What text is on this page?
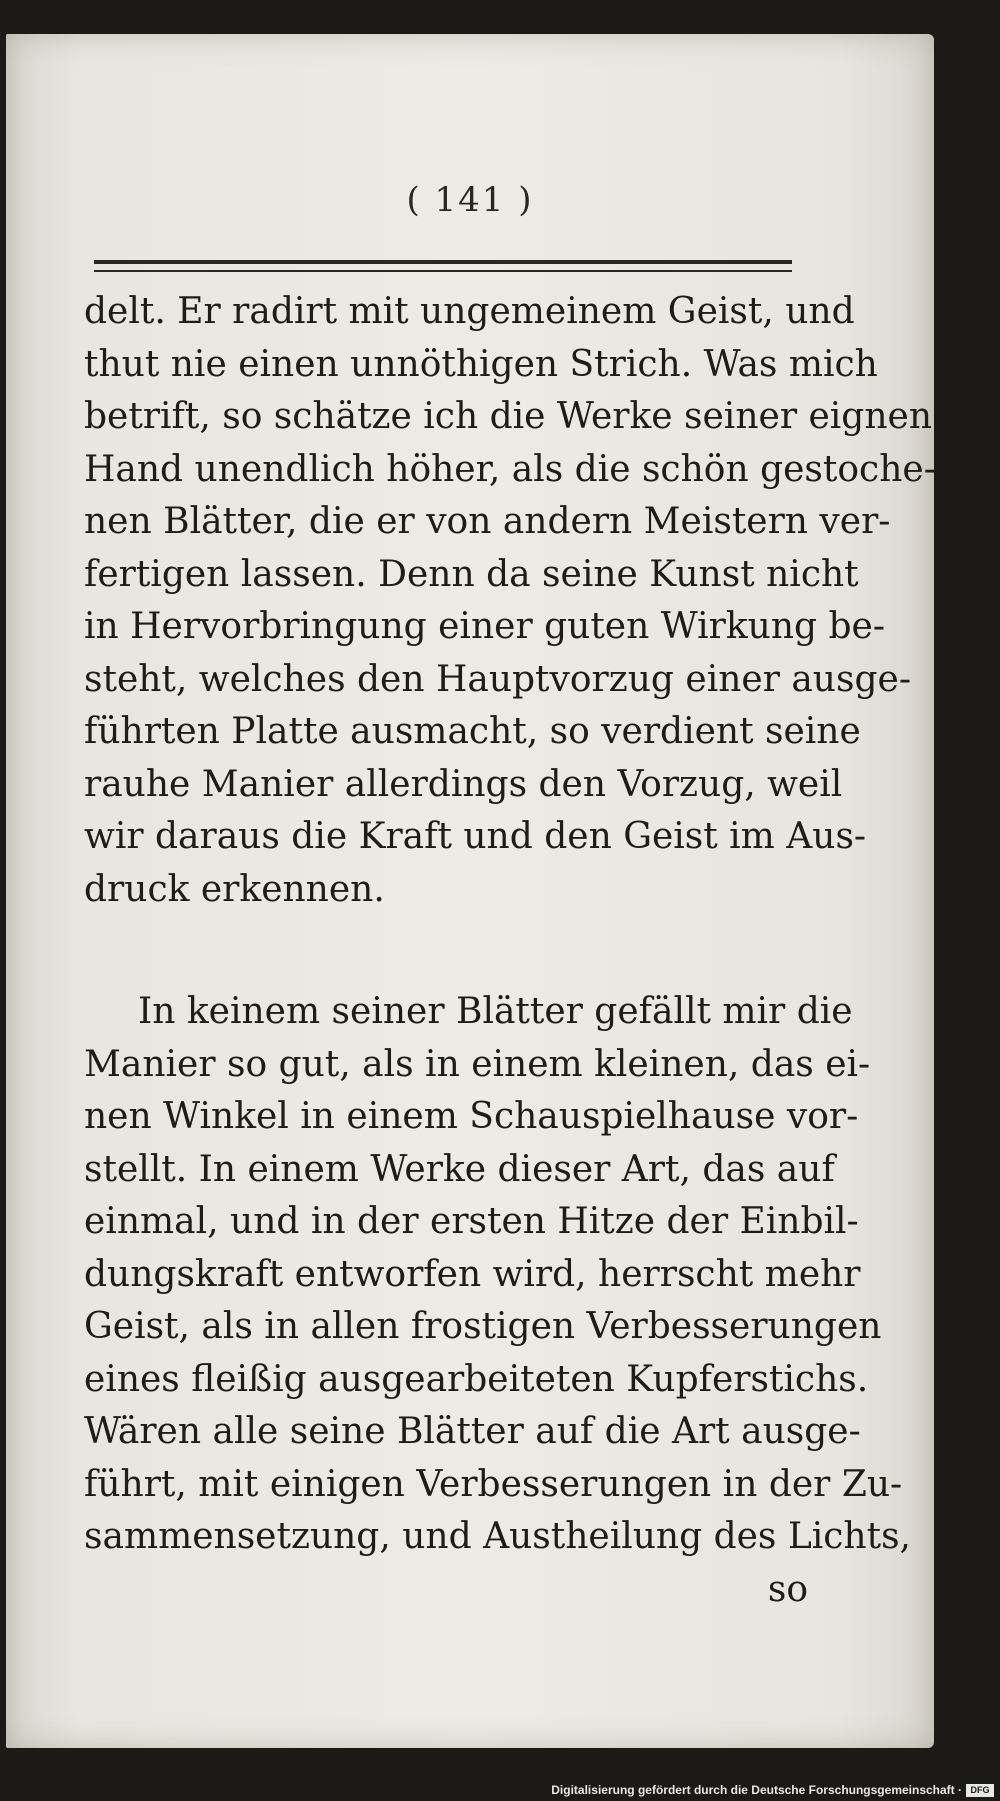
( 141 )
delt. Er radirt mit ungemeinem Geist, und
thut nie einen unnöthigen Strich. Was mich
betrift, so schätze ich die Werke seiner eignen
Hand unendlich höher, als die schön gestoche-
nen Blätter, die er von andern Meistern ver-
fertigen lassen. Denn da seine Kunst nicht
in Hervorbringung einer guten Wirkung be-
steht, welches den Hauptvorzug einer ausge-
führten Platte ausmacht, so verdient seine
rauhe Manier allerdings den Vorzug, weil
wir daraus die Kraft und den Geist im Aus-
druck erkennen.
In keinem seiner Blätter gefällt mir die
Manier so gut, als in einem kleinen, das ei-
nen Winkel in einem Schauspielhause vor-
stellt. In einem Werke dieser Art, das auf
einmal, und in der ersten Hitze der Einbil-
dungskraft entworfen wird, herrscht mehr
Geist, als in allen frostigen Verbesserungen
eines fleißig ausgearbeiteten Kupferstichs.
Wären alle seine Blätter auf die Art ausge-
führt, mit einigen Verbesserungen in der Zu-
sammensetzung, und Austheilung des Lichts,
so
Digitalisierung gefördert durch die Deutsche Forschungsgemeinschaft · DFG
